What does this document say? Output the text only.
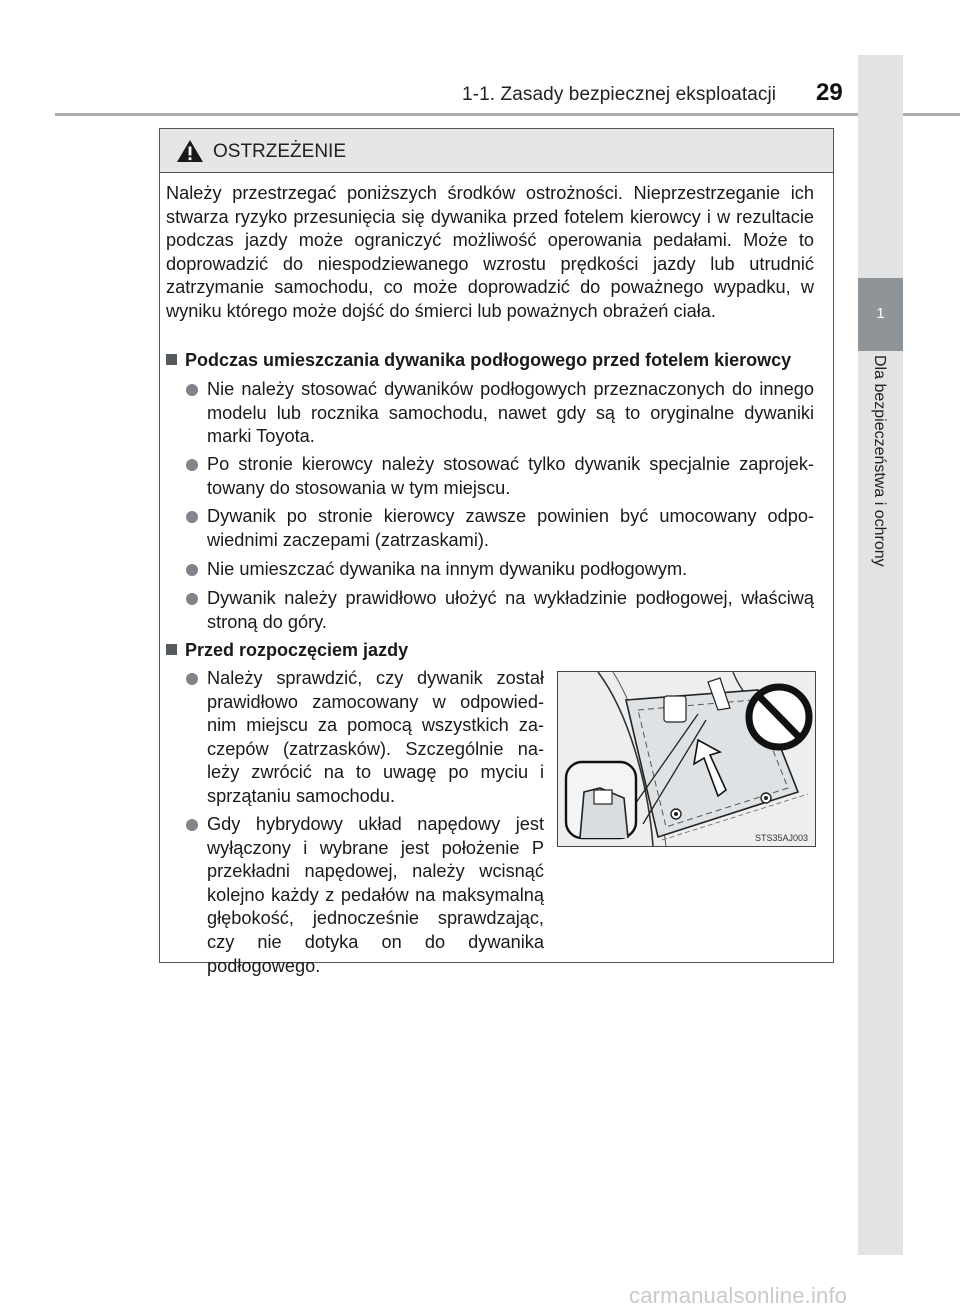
1-1. Zasady bezpiecznej eksploatacji 29
1
Dla bezpieczeństwa i ochrony
OSTRZEŻENIE

Należy przestrzegać poniższych środków ostrożności. Nieprzestrzeganie ich stwarza ryzyko przesunięcia się dywanika przed fotelem kierowcy i w rezultacie podczas jazdy może ograniczyć możliwość operowania pedałami. Może to doprowadzić do niespodziewanego wzrostu prędkości jazdy lub utrudnić zatrzymanie samochodu, co może doprowadzić do poważnego wypadku, w wyniku którego może dojść do śmierci lub poważnych obrażeń ciała.

Podczas umieszczania dywanika podłogowego przed fotelem kierowcy

Nie należy stosować dywaników podłogowych przeznaczonych do innego modelu lub rocznika samochodu, nawet gdy są to oryginalne dywaniki marki Toyota.

Po stronie kierowcy należy stosować tylko dywanik specjalnie zaprojek-towany do stosowania w tym miejscu.

Dywanik po stronie kierowcy zawsze powinien być umocowany odpo-wiednimi zaczepami (zatrzaskami).

Nie umieszczać dywanika na innym dywaniku podłogowym.

Dywanik należy prawidłowo ułożyć na wykładzinie podłogowej, właściwą stroną do góry.

Przed rozpoczęciem jazdy

Należy sprawdzić, czy dywanik został prawidłowo zamocowany w odpowied-nim miejscu za pomocą wszystkich za-czepów (zatrzasków). Szczególnie na-leży zwrócić na to uwagę po myciu i sprzątaniu samochodu.

Gdy hybrydowy układ napędowy jest wyłączony i wybrane jest położenie P przekładni napędowej, należy wcisnąć kolejno każdy z pedałów na maksymalną głębokość, jednocześnie sprawdzając, czy nie dotyka on do dywanika podłogowego.

STS35AJ003
carmanualsonline.info
